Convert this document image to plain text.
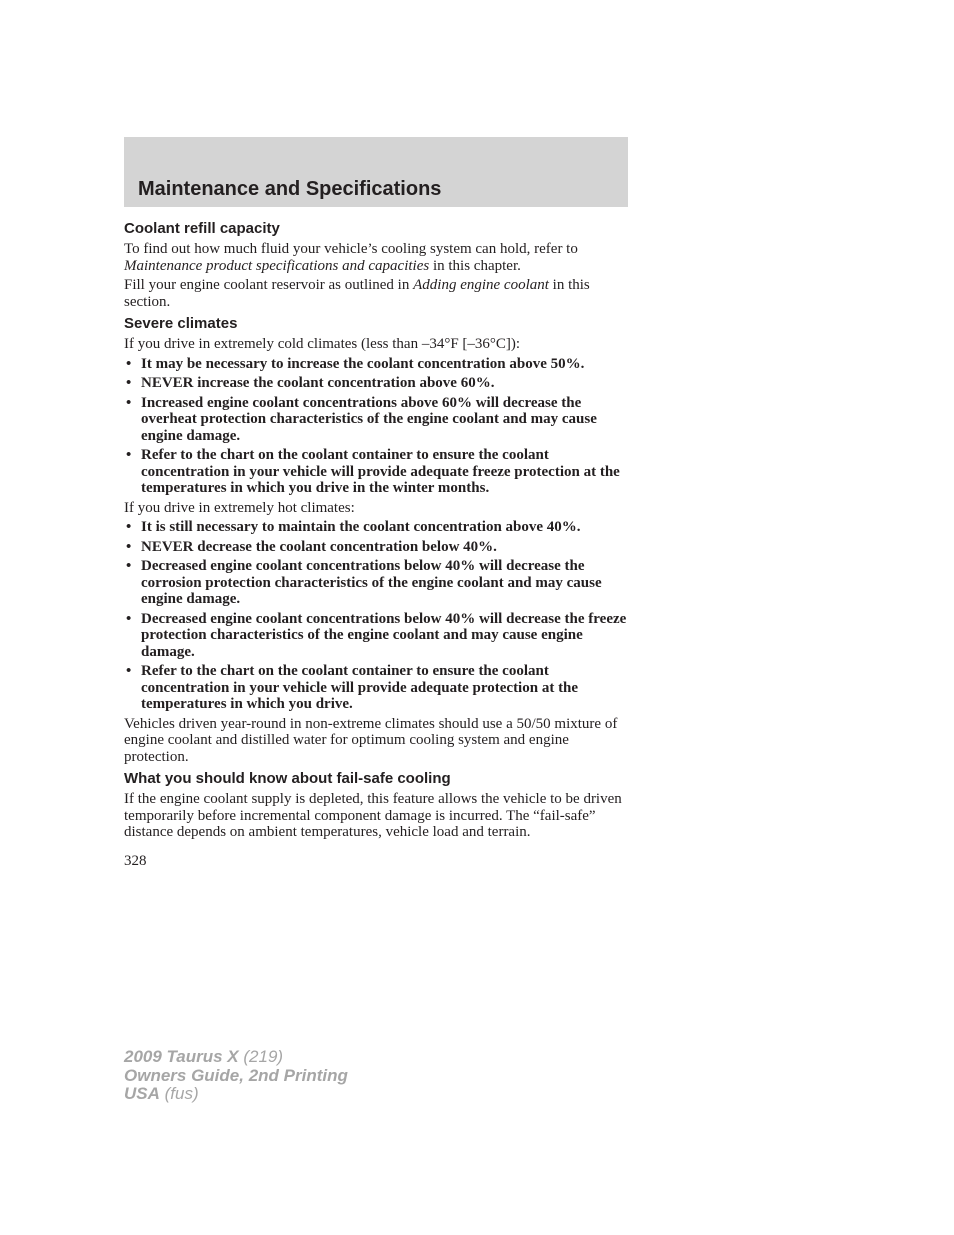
Maintenance and Specifications
Coolant refill capacity

To find out how much fluid your vehicle’s cooling system can hold, refer to Maintenance product specifications and capacities in this chapter.

Fill your engine coolant reservoir as outlined in Adding engine coolant in this section.

Severe climates

If you drive in extremely cold climates (less than –34°F [–36°C]):

• It may be necessary to increase the coolant concentration above 50%.
• NEVER increase the coolant concentration above 60%.
• Increased engine coolant concentrations above 60% will decrease the overheat protection characteristics of the engine coolant and may cause engine damage.
• Refer to the chart on the coolant container to ensure the coolant concentration in your vehicle will provide adequate freeze protection at the temperatures in which you drive in the winter months.

If you drive in extremely hot climates:

• It is still necessary to maintain the coolant concentration above 40%.
• NEVER decrease the coolant concentration below 40%.
• Decreased engine coolant concentrations below 40% will decrease the corrosion protection characteristics of the engine coolant and may cause engine damage.
• Decreased engine coolant concentrations below 40% will decrease the freeze protection characteristics of the engine coolant and may cause engine damage.
• Refer to the chart on the coolant container to ensure the coolant concentration in your vehicle will provide adequate protection at the temperatures in which you drive.

Vehicles driven year-round in non-extreme climates should use a 50/50 mixture of engine coolant and distilled water for optimum cooling system and engine protection.

What you should know about fail-safe cooling

If the engine coolant supply is depleted, this feature allows the vehicle to be driven temporarily before incremental component damage is incurred. The “fail-safe” distance depends on ambient temperatures, vehicle load and terrain.

328
2009 Taurus X (219)
Owners Guide, 2nd Printing
USA (fus)
